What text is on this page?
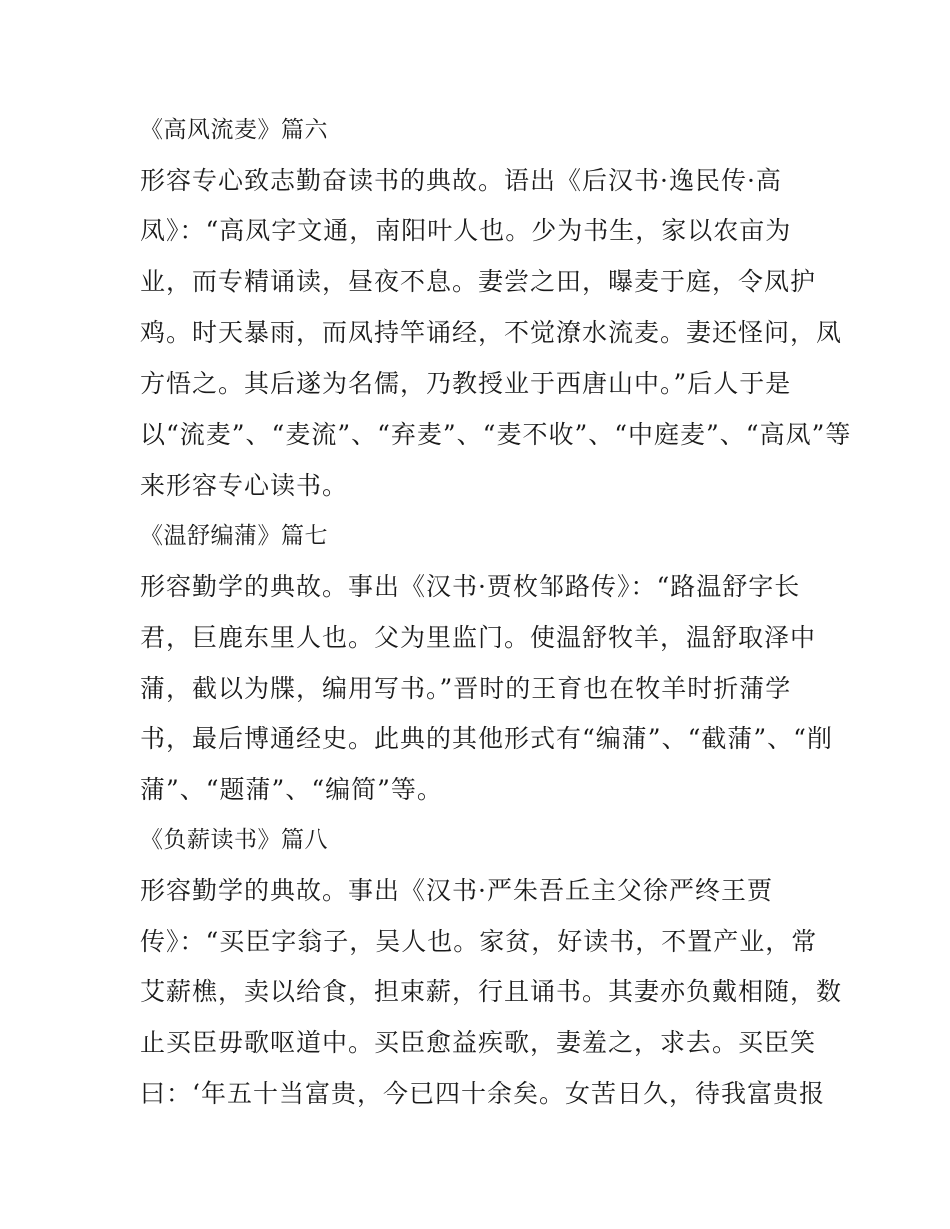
《高风流麦》篇六
形容专心致志勤奋读书的典故。语出《后汉书·逸民传·高
凤》：“高凤字文通，南阳叶人也。少为书生，家以农亩为
业，而专精诵读，昼夜不息。妻尝之田，曝麦于庭，令凤护
鸡。时天暴雨，而凤持竿诵经，不觉潦水流麦。妻还怪问，凤
方悟之。其后遂为名儒，乃教授业于西唐山中。”后人于是
以“流麦”、“麦流”、“弃麦”、“麦不收”、“中庭麦”、“高凤”等
来形容专心读书。
《温舒编蒲》篇七
形容勤学的典故。事出《汉书·贾枚邹路传》：“路温舒字长
君，巨鹿东里人也。父为里监门。使温舒牧羊，温舒取泽中
蒲，截以为牒，编用写书。”晋时的王育也在牧羊时折蒲学
书，最后博通经史。此典的其他形式有“编蒲”、“截蒲”、“削
蒲”、“题蒲”、“编简”等。
《负薪读书》篇八
形容勤学的典故。事出《汉书·严朱吾丘主父徐严终王贾
传》：“买臣字翁子，吴人也。家贫，好读书，不置产业，常
艾薪樵，卖以给食，担束薪，行且诵书。其妻亦负戴相随，数
止买臣毋歌呕道中。买臣愈益疾歌，妻羞之，求去。买臣笑
曰：‘年五十当富贵，今已四十余矣。女苦日久，待我富贵报
